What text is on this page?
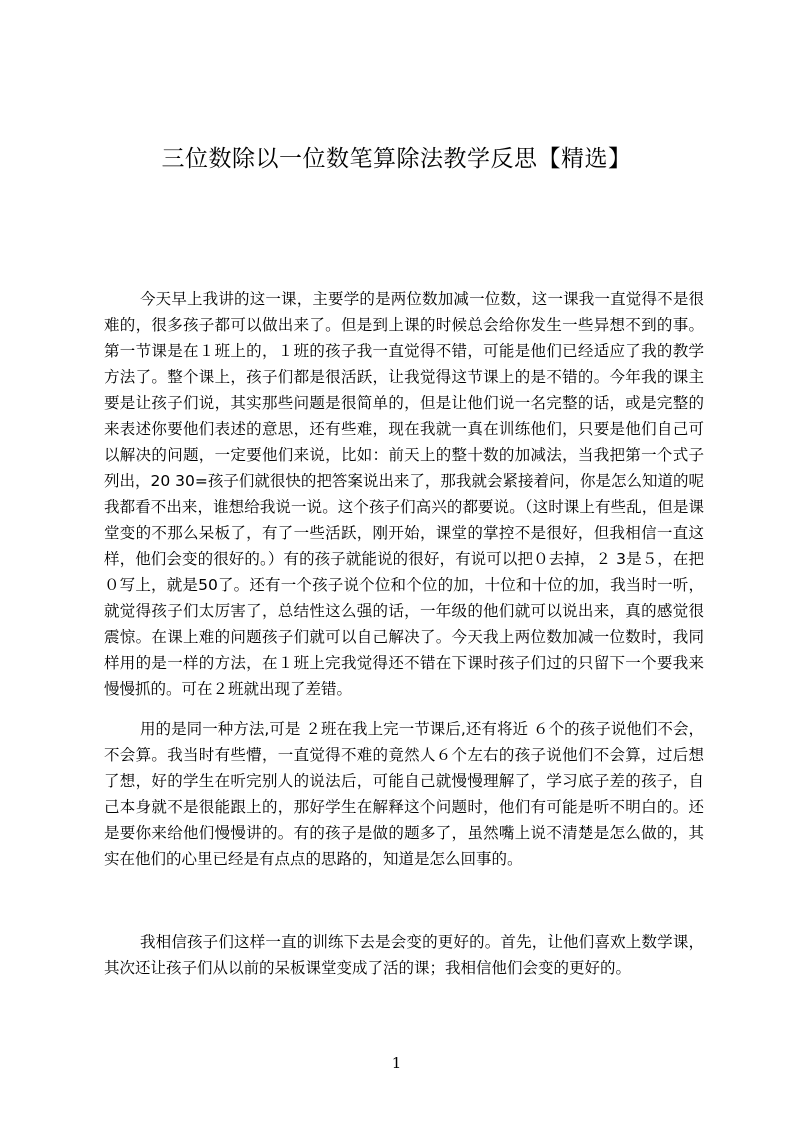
三位数除以一位数笔算除法教学反思【精选】

今天早上我讲的这一课，主要学的是两位数加减一位数，这一课我一直觉得不是很难的，很多孩子都可以做出来了。但是到上课的时候总会给你发生一些异想不到的事。第一节课是在１班上的，１班的孩子我一直觉得不错，可能是他们已经适应了我的教学方法了。整个课上，孩子们都是很活跃，让我觉得这节课上的是不错的。今年我的课主要是让孩子们说，其实那些问题是很简单的，但是让他们说一名完整的话，或是完整的来表述你要他们表述的意思，还有些难，现在我就一真在训练他们，只要是他们自己可以解决的问题，一定要他们来说，比如：前天上的整十数的加减法，当我把第一个式子列出，20 30=孩子们就很快的把答案说出来了，那我就会紧接着问，你是怎么知道的呢我都看不出来，谁想给我说一说。这个孩子们高兴的都要说。（这时课上有些乱，但是课堂变的不那么呆板了，有了一些活跃，刚开始，课堂的掌控不是很好，但我相信一直这样，他们会变的很好的。）有的孩子就能说的很好，有说可以把０去掉，２ 3是５，在把０写上，就是50了。还有一个孩子说个位和个位的加，十位和十位的加，我当时一听，就觉得孩子们太厉害了，总结性这么强的话，一年级的他们就可以说出来，真的感觉很震惊。在课上难的问题孩子们就可以自己解决了。今天我上两位数加减一位数时，我同样用的是一样的方法，在１班上完我觉得还不错在下课时孩子们过的只留下一个要我来慢慢抓的。可在２班就出现了差错。

用的是同一种方法,可是 ２班在我上完一节课后,还有将近 ６个的孩子说他们不会，不会算。我当时有些懵，一直觉得不难的竟然人６个左右的孩子说他们不会算，过后想了想，好的学生在听完别人的说法后，可能自己就慢慢理解了，学习底子差的孩子，自己本身就不是很能跟上的，那好学生在解释这个问题时，他们有可能是听不明白的。还是要你来给他们慢慢讲的。有的孩子是做的题多了，虽然嘴上说不清楚是怎么做的，其实在他们的心里已经是有点点的思路的，知道是怎么回事的。

我相信孩子们这样一直的训练下去是会变的更好的。首先，让他们喜欢上数学课，其次还让孩子们从以前的呆板课堂变成了活的课；我相信他们会变的更好的。

1
